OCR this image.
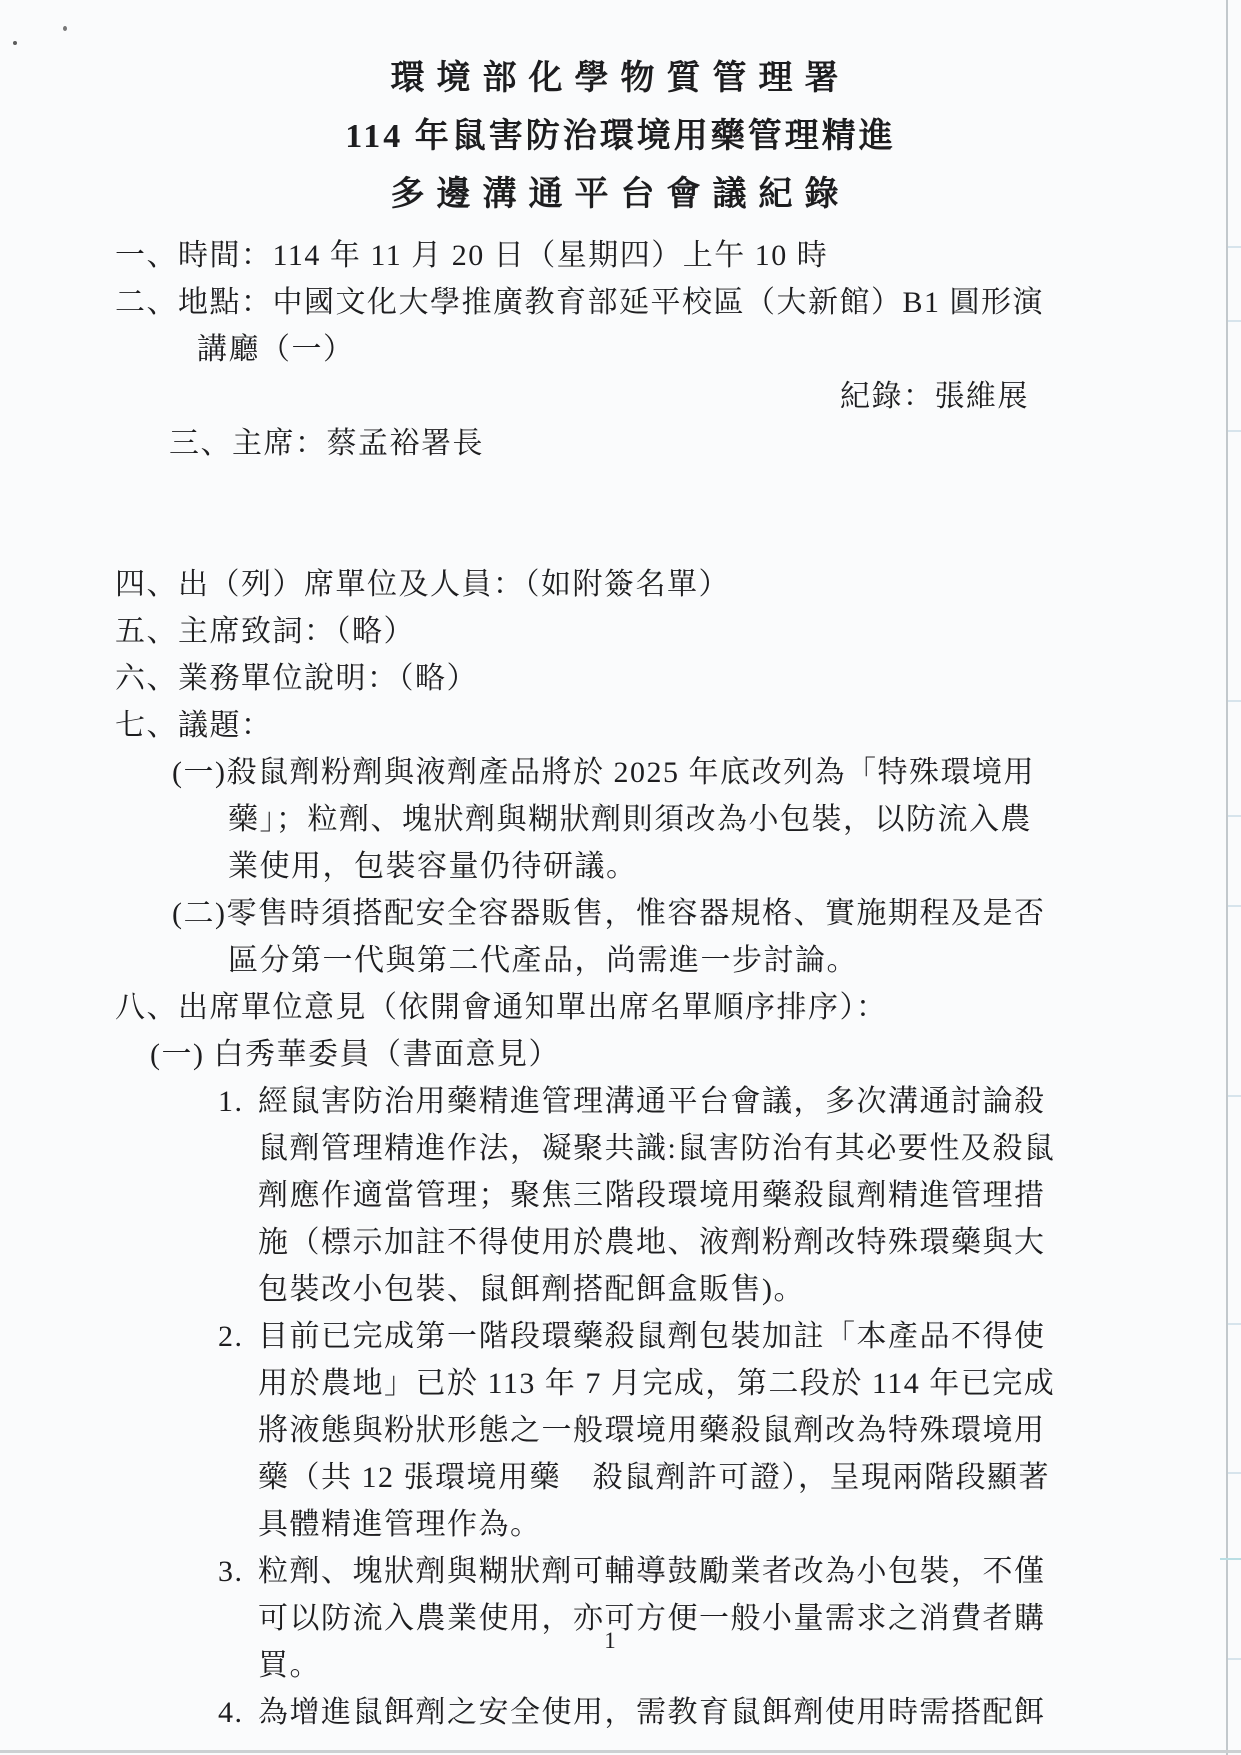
環境部化學物質管理署
114 年鼠害防治環境用藥管理精進
多邊溝通平台會議紀錄
一、時間：114 年 11 月 20 日（星期四）上午 10 時
二、地點：中國文化大學推廣教育部延平校區（大新館）B1 圓形演
講廳（一）

三、主席：蔡孟裕署長

紀錄：張維展

四、出（列）席單位及人員：（如附簽名單）
五、主席致詞：（略）
六、業務單位說明：（略）
七、議題：
(一)殺鼠劑粉劑與液劑產品將於 2025 年底改列為「特殊環境用
藥」；粒劑、塊狀劑與糊狀劑則須改為小包裝，以防流入農
業使用，包裝容量仍待研議。
(二)零售時須搭配安全容器販售，惟容器規格、實施期程及是否
區分第一代與第二代產品，尚需進一步討論。
八、出席單位意見（依開會通知單出席名單順序排序）：
(一) 白秀華委員（書面意見）
1. 經鼠害防治用藥精進管理溝通平台會議，多次溝通討論殺
鼠劑管理精進作法，凝聚共識:鼠害防治有其必要性及殺鼠
劑應作適當管理；聚焦三階段環境用藥殺鼠劑精進管理措
施（標示加註不得使用於農地、液劑粉劑改特殊環藥與大
包裝改小包裝、鼠餌劑搭配餌盒販售)。
2. 目前已完成第一階段環藥殺鼠劑包裝加註「本產品不得使
用於農地」已於 113 年 7 月完成，第二段於 114 年已完成
將液態與粉狀形態之一般環境用藥殺鼠劑改為特殊環境用
藥（共 12 張環境用藥　殺鼠劑許可證），呈現兩階段顯著
具體精進管理作為。
3. 粒劑、塊狀劑與糊狀劑可輔導鼓勵業者改為小包裝，不僅
可以防流入農業使用，亦可方便一般小量需求之消費者購
買。
4. 為增進鼠餌劑之安全使用，需教育鼠餌劑使用時需搭配餌
1
